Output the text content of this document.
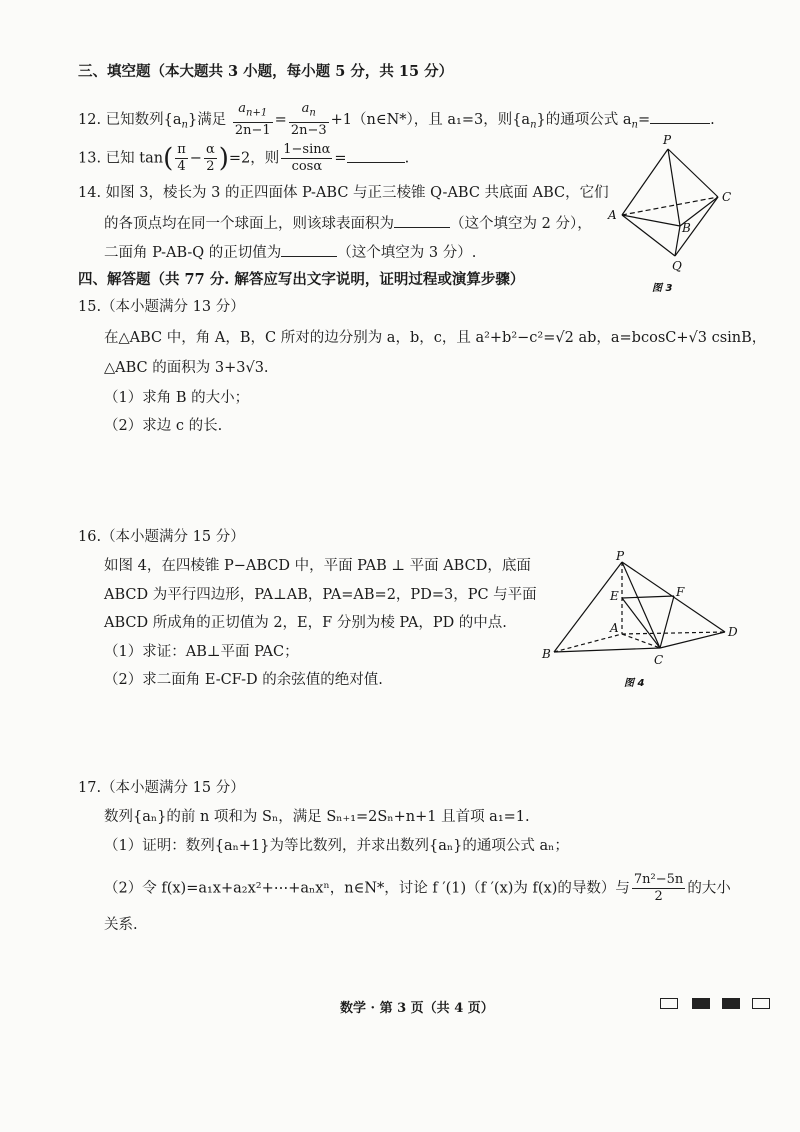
三、填空题（本大题共 3 小题，每小题 5 分，共 15 分）
12. 已知数列$\{a_n\}$满足 $\frac{a_{n+1}}{2n-1} = \frac{a_n}{2n-3}$ +1（n∈N*），且 a₁=3，则$\{a_n\}$的通项公式 $a_n=$	.
13. 已知 $\tan( \frac{\pi}{4} - \frac{\alpha}{2} )=2$，则 $\frac{1-\sin\alpha}{\cos\alpha}$ =	.
14. 如图 3，棱长为 3 的正四面体 P-ABC 与正三棱锥 Q-ABC 共底面 ABC，它们
的各顶点均在同一个球面上，则该球表面积为	（这个填空为 2 分），
二面角 P-AB-Q 的正切值为	（这个填空为 3 分）.
P
A
B
C
Q
图 3
四、解答题（共 77 分. 解答应写出文字说明，证明过程或演算步骤）
15.（本小题满分 13 分）
在△ABC 中，角 A，B，C 所对的边分别为 a，b，c，且 a²+b²−c²=√2 ab，a=bcosC+√3 csinB，
△ABC 的面积为 3+3√3.
（1）求角 B 的大小；
（2）求边 c 的长.
16.（本小题满分 15 分）
如图 4，在四棱锥 P−ABCD 中，平面 PAB ⊥ 平面 ABCD，底面
ABCD 为平行四边形，PA⊥AB，PA=AB=2，PD=3，PC 与平面
ABCD 所成角的正切值为 2，E，F 分别为棱 PA，PD 的中点.
（1）求证：AB⊥平面 PAC；
（2）求二面角 E-CF-D 的余弦值的绝对值.
P
E	F
A
B	C
D
图 4
17.（本小题满分 15 分）
数列{aₙ}的前 n 项和为 Sₙ，满足 Sₙ₊₁=2Sₙ+n+1 且首项 a₁=1.
（1）证明：数列{aₙ+1}为等比数列，并求出数列{aₙ}的通项公式 aₙ；
（2）令 f(x)=a₁x+a₂x²+⋯+aₙxⁿ，n∈N*，讨论 f ′(1)（f ′(x)为 f(x)的导数）与 $\frac{\text{7n²−5n}}{2}$ 的大小
关系.
数学 · 第 3 页（共 4 页）
